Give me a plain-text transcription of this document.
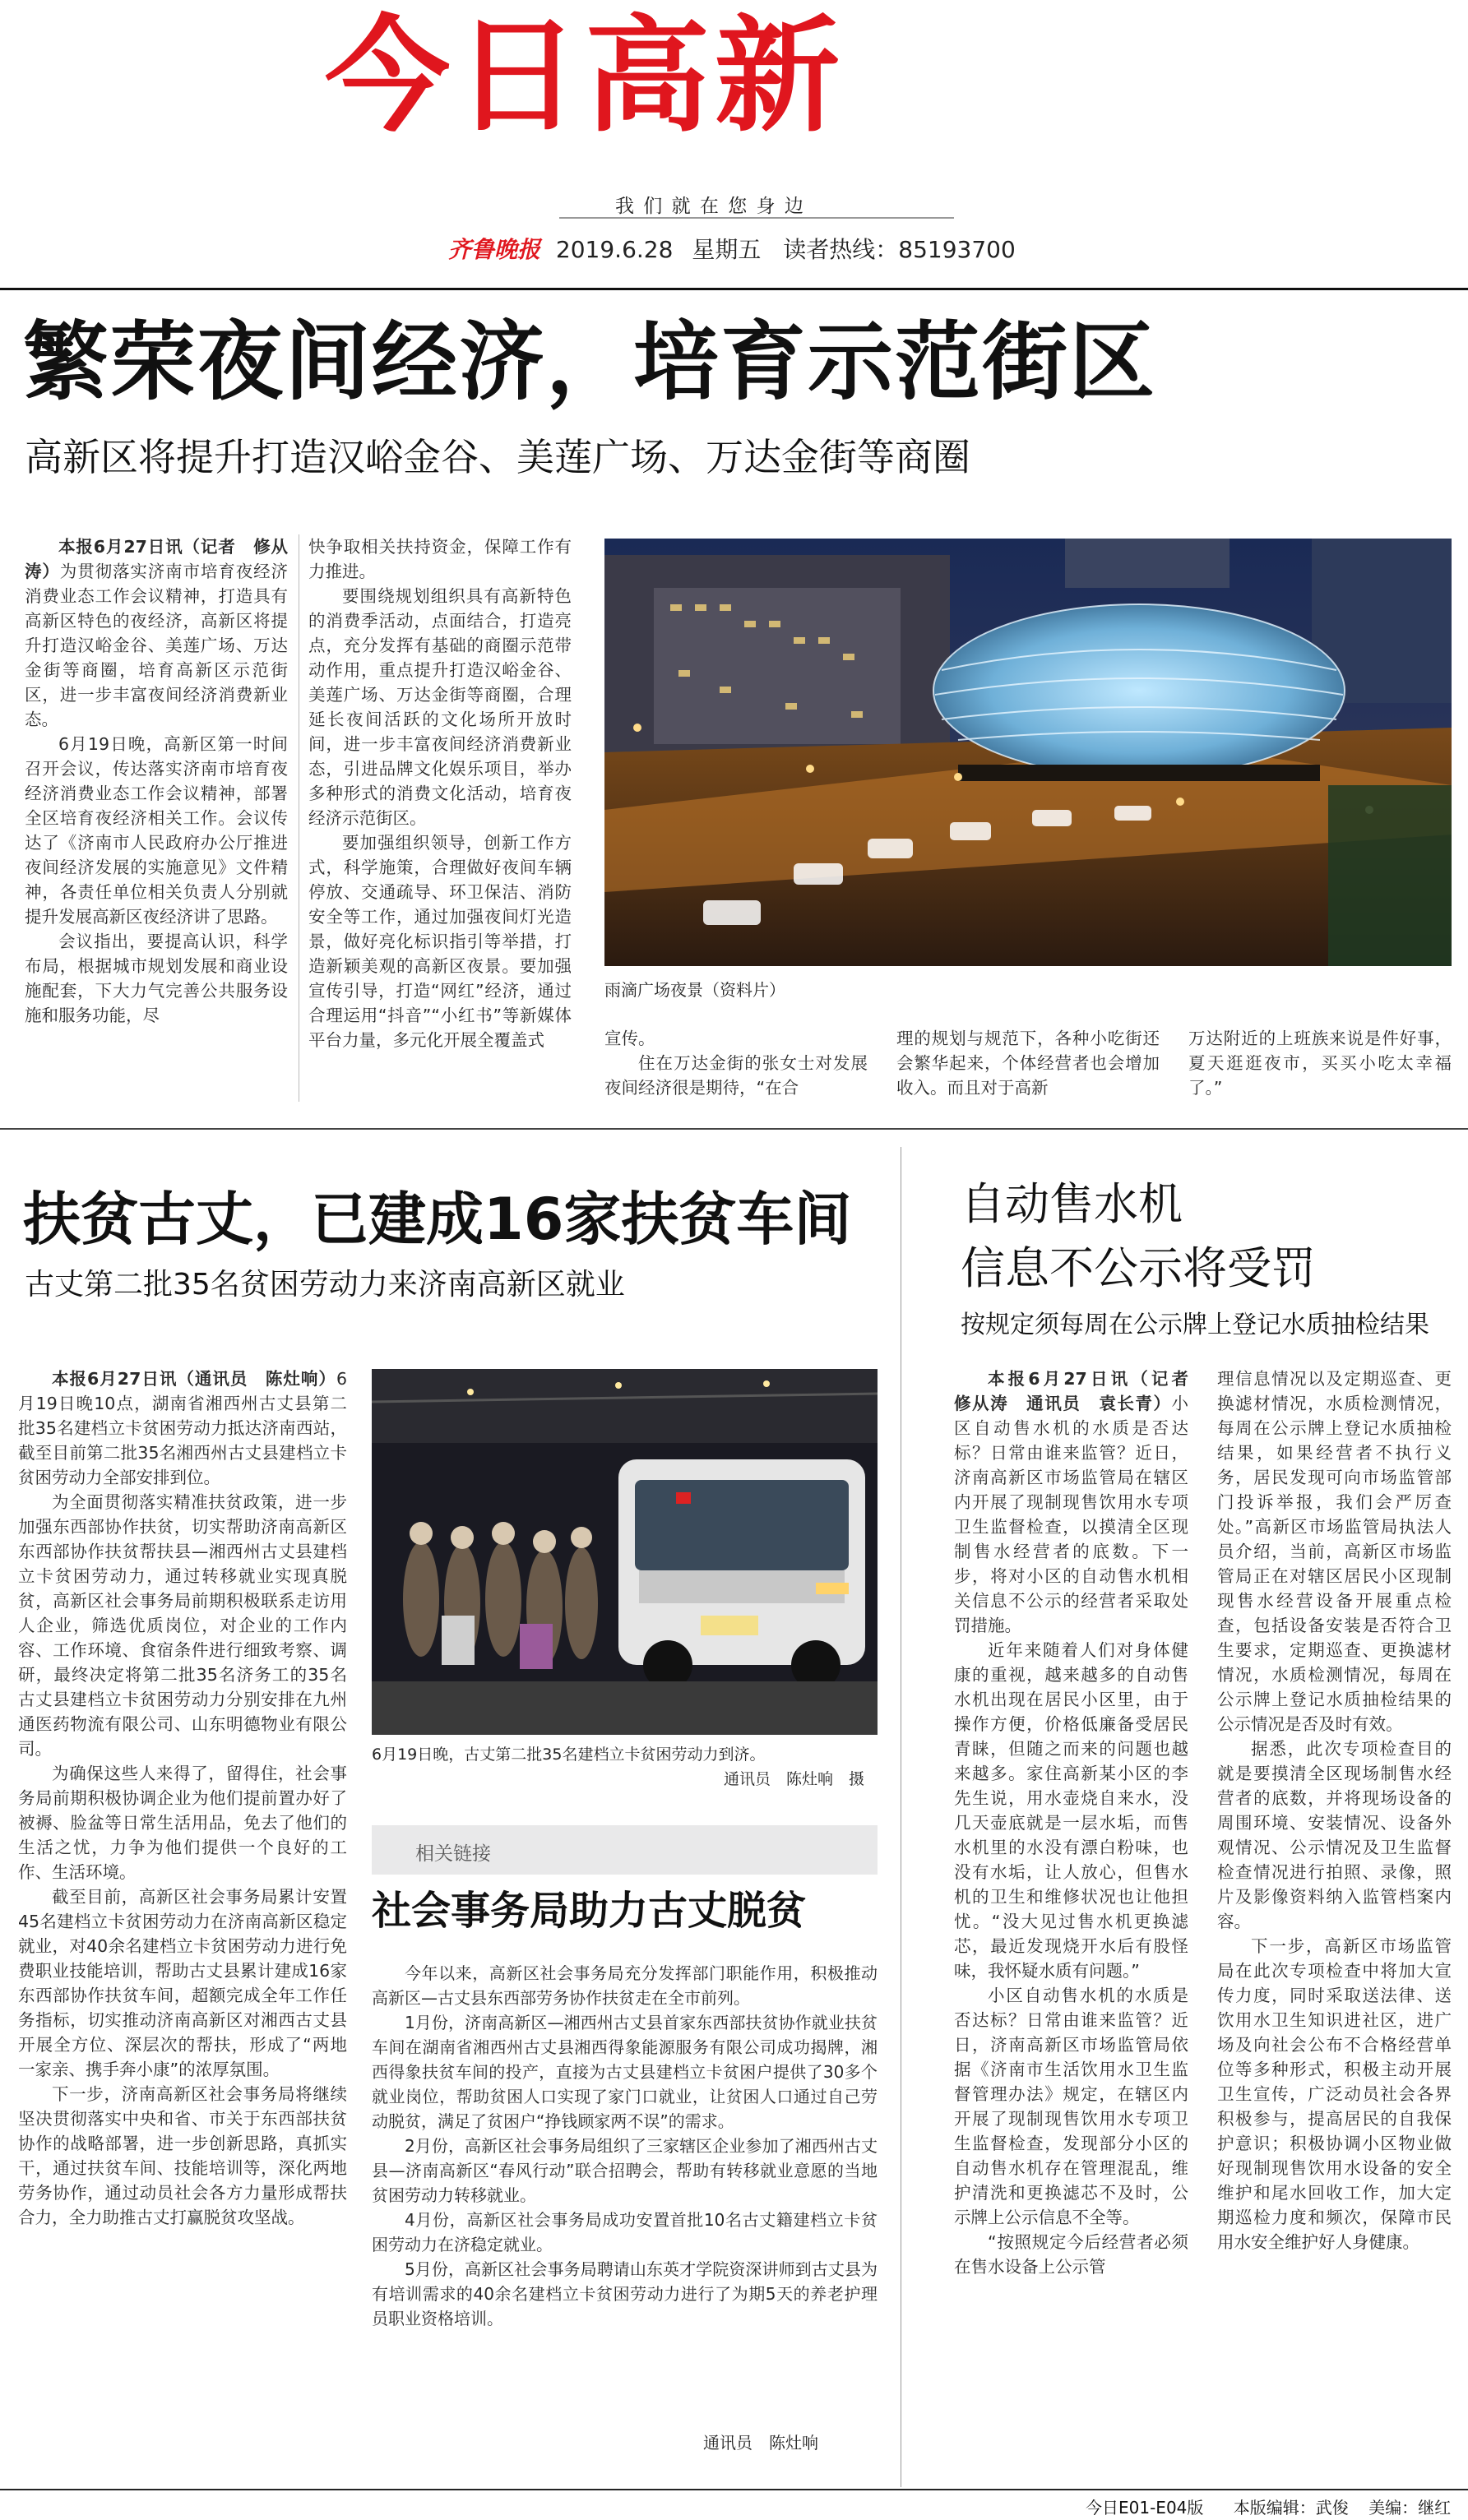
今日高新
我 们 就 在 您 身 边
齐鲁晚报 2019.6.28 星期五 读者热线：85193700
繁荣夜间经济，培育示范街区
高新区将提升打造汉峪金谷、美莲广场、万达金街等商圈

本报6月27日讯（记者　修从涛）为贯彻落实济南市培育夜经济消费业态工作会议精神，打造具有高新区特色的夜经济，高新区将提升打造汉峪金谷、美莲广场、万达金街等商圈，培育高新区示范街区，进一步丰富夜间经济消费新业态。

6月19日晚，高新区第一时间召开会议，传达落实济南市培育夜经济消费业态工作会议精神，部署全区培育夜经济相关工作。会议传达了《济南市人民政府办公厅推进夜间经济发展的实施意见》文件精神，各责任单位相关负责人分别就提升发展高新区夜经济讲了思路。

会议指出，要提高认识，科学布局，根据城市规划发展和商业设施配套，下大力气完善公共服务设施和服务功能，尽

快争取相关扶持资金，保障工作有力推进。

要围绕规划组织具有高新特色的消费季活动，点面结合，打造亮点，充分发挥有基础的商圈示范带动作用，重点提升打造汉峪金谷、美莲广场、万达金街等商圈，合理延长夜间活跃的文化场所开放时间，进一步丰富夜间经济消费新业态，引进品牌文化娱乐项目，举办多种形式的消费文化活动，培育夜经济示范街区。

要加强组织领导，创新工作方式，科学施策，合理做好夜间车辆停放、交通疏导、环卫保洁、消防安全等工作，通过加强夜间灯光造景，做好亮化标识指引等举措，打造新颖美观的高新区夜景。要加强宣传引导，打造“网红”经济，通过合理运用“抖音”“小红书”等新媒体平台力量，多元化开展全覆盖式

雨滴广场夜景（资料片）

宣传。

住在万达金街的张女士对发展夜间经济很是期待，“在合

理的规划与规范下，各种小吃街还会繁华起来，个体经营者也会增加收入。而且对于高新

万达附近的上班族来说是件好事，夏天逛逛夜市，买买小吃太幸福了。”

扶贫古丈，已建成16家扶贫车间
古丈第二批35名贫困劳动力来济南高新区就业

本报6月27日讯（通讯员　陈灶响）6月19日晚10点，湖南省湘西州古丈县第二批35名建档立卡贫困劳动力抵达济南西站，截至目前第二批35名湘西州古丈县建档立卡贫困劳动力全部安排到位。

为全面贯彻落实精准扶贫政策，进一步加强东西部协作扶贫，切实帮助济南高新区东西部协作扶贫帮扶县—湘西州古丈县建档立卡贫困劳动力，通过转移就业实现真脱贫，高新区社会事务局前期积极联系走访用人企业，筛选优质岗位，对企业的工作内容、工作环境、食宿条件进行细致考察、调研，最终决定将第二批35名济务工的35名古丈县建档立卡贫困劳动力分别安排在九州通医药物流有限公司、山东明德物业有限公司。

为确保这些人来得了，留得住，社会事务局前期积极协调企业为他们提前置办好了被褥、脸盆等日常生活用品，免去了他们的生活之忧，力争为他们提供一个良好的工作、生活环境。

截至目前，高新区社会事务局累计安置45名建档立卡贫困劳动力在济南高新区稳定就业，对40余名建档立卡贫困劳动力进行免费职业技能培训，帮助古丈县累计建成16家东西部协作扶贫车间，超额完成全年工作任务指标，切实推动济南高新区对湘西古丈县开展全方位、深层次的帮扶，形成了“两地一家亲、携手奔小康”的浓厚氛围。

下一步，济南高新区社会事务局将继续坚决贯彻落实中央和省、市关于东西部扶贫协作的战略部署，进一步创新思路，真抓实干，通过扶贫车间、技能培训等，深化两地劳务协作，通过动员社会各方力量形成帮扶合力，全力助推古丈打赢脱贫攻坚战。

6月19日晚，古丈第二批35名建档立卡贫困劳动力到济。
通讯员　陈灶响　摄
相关链接
社会事务局助力古丈脱贫

今年以来，高新区社会事务局充分发挥部门职能作用，积极推动高新区—古丈县东西部劳务协作扶贫走在全市前列。

1月份，济南高新区—湘西州古丈县首家东西部扶贫协作就业扶贫车间在湖南省湘西州古丈县湘西得象能源服务有限公司成功揭牌，湘西得象扶贫车间的投产，直接为古丈县建档立卡贫困户提供了30多个就业岗位，帮助贫困人口实现了家门口就业，让贫困人口通过自己劳动脱贫，满足了贫困户“挣钱顾家两不误”的需求。

2月份，高新区社会事务局组织了三家辖区企业参加了湘西州古丈县—济南高新区“春风行动”联合招聘会，帮助有转移就业意愿的当地贫困劳动力转移就业。

4月份，高新区社会事务局成功安置首批10名古丈籍建档立卡贫困劳动力在济稳定就业。

5月份，高新区社会事务局聘请山东英才学院资深讲师到古丈县为有培训需求的40余名建档立卡贫困劳动力进行了为期5天的养老护理员职业资格培训。

通讯员　陈灶响
自动售水机
信息不公示将受罚
按规定须每周在公示牌上登记水质抽检结果

本报6月27日讯（记者　修从涛　通讯员　袁长青）小区自动售水机的水质是否达标？日常由谁来监管？近日，济南高新区市场监管局在辖区内开展了现制现售饮用水专项卫生监督检查，以摸清全区现制售水经营者的底数。下一步，将对小区的自动售水机相关信息不公示的经营者采取处罚措施。

近年来随着人们对身体健康的重视，越来越多的自动售水机出现在居民小区里，由于操作方便，价格低廉备受居民青睐，但随之而来的问题也越来越多。家住高新某小区的李先生说，用水壶烧自来水，没几天壶底就是一层水垢，而售水机里的水没有漂白粉味，也没有水垢，让人放心，但售水机的卫生和维修状况也让他担忧。“没大见过售水机更换滤芯，最近发现烧开水后有股怪味，我怀疑水质有问题。”

小区自动售水机的水质是否达标？日常由谁来监管？近日，济南高新区市场监管局依据《济南市生活饮用水卫生监督管理办法》规定，在辖区内开展了现制现售饮用水专项卫生监督检查，发现部分小区的自动售水机存在管理混乱，维护清洗和更换滤芯不及时，公示牌上公示信息不全等。

“按照规定今后经营者必须在售水设备上公示管

理信息情况以及定期巡查、更换滤材情况，水质检测情况，每周在公示牌上登记水质抽检结果，如果经营者不执行义务，居民发现可向市场监管部门投诉举报，我们会严厉查处。”高新区市场监管局执法人员介绍，当前，高新区市场监管局正在对辖区居民小区现制现售水经营设备开展重点检查，包括设备安装是否符合卫生要求，定期巡查、更换滤材情况，水质检测情况，每周在公示牌上登记水质抽检结果的公示情况是否及时有效。

据悉，此次专项检查目的就是要摸清全区现场制售水经营者的底数，并将现场设备的周围环境、安装情况、设备外观情况、公示情况及卫生监督检查情况进行拍照、录像，照片及影像资料纳入监管档案内容。

下一步，高新区市场监管局在此次专项检查中将加大宣传力度，同时采取送法律、送饮用水卫生知识进社区，进广场及向社会公布不合格经营单位等多种形式，积极主动开展卫生宣传，广泛动员社会各界积极参与，提高居民的自我保护意识；积极协调小区物业做好现制现售饮用水设备的安全维护和尾水回收工作，加大定期巡检力度和频次，保障市民用水安全维护好人身健康。

今日E01-E04版 本版编辑：武俊 美编：继红
